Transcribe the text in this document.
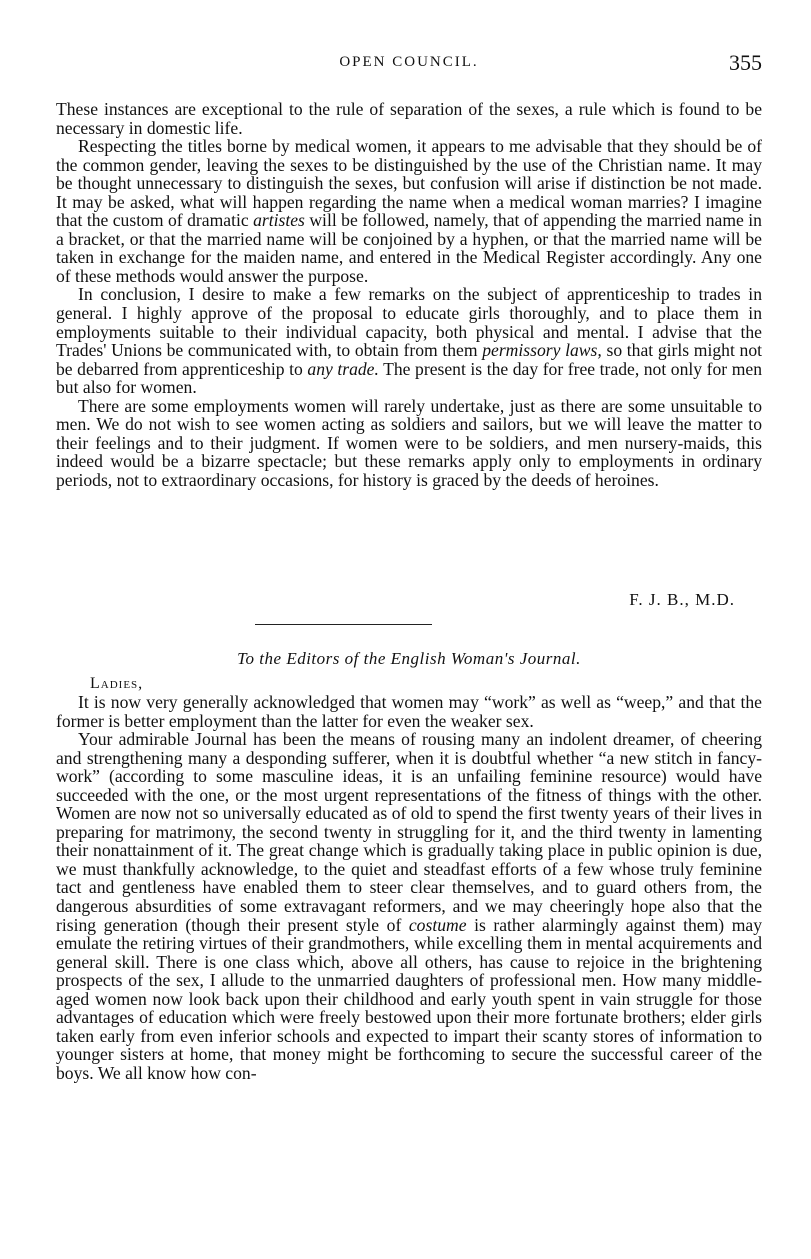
OPEN COUNCIL.	355

These instances are exceptional to the rule of separation of the sexes, a rule which is found to be necessary in domestic life.

Respecting the titles borne by medical women, it appears to me advisable that they should be of the common gender, leaving the sexes to be distinguished by the use of the Christian name. It may be thought unnecessary to distinguish the sexes, but confusion will arise if distinction be not made. It may be asked, what will happen regarding the name when a medical woman marries? I imagine that the custom of dramatic artistes will be followed, namely, that of appending the married name in a bracket, or that the married name will be conjoined by a hyphen, or that the married name will be taken in exchange for the maiden name, and entered in the Medical Register accordingly. Any one of these methods would answer the purpose.

In conclusion, I desire to make a few remarks on the subject of apprenticeship to trades in general. I highly approve of the proposal to educate girls thoroughly, and to place them in employments suitable to their individual capacity, both physical and mental. I advise that the Trades' Unions be communicated with, to obtain from them permissory laws, so that girls might not be debarred from apprenticeship to any trade. The present is the day for free trade, not only for men but also for women.

There are some employments women will rarely undertake, just as there are some unsuitable to men. We do not wish to see women acting as soldiers and sailors, but we will leave the matter to their feelings and to their judgment. If women were to be soldiers, and men nursery-maids, this indeed would be a bizarre spectacle; but these remarks apply only to employments in ordinary periods, not to extraordinary occasions, for history is graced by the deeds of heroines.

F. J. B., M.D.
To the Editors of the English Woman's Journal.
Ladies,

It is now very generally acknowledged that women may “work” as well as “weep,” and that the former is better employment than the latter for even the weaker sex.

Your admirable Journal has been the means of rousing many an indolent dreamer, of cheering and strengthening many a desponding sufferer, when it is doubtful whether “a new stitch in fancy-work” (according to some masculine ideas, it is an unfailing feminine resource) would have succeeded with the one, or the most urgent representations of the fitness of things with the other. Women are now not so universally educated as of old to spend the first twenty years of their lives in preparing for matrimony, the second twenty in struggling for it, and the third twenty in lamenting their nonattainment of it. The great change which is gradually taking place in public opinion is due, we must thankfully acknowledge, to the quiet and steadfast efforts of a few whose truly feminine tact and gentleness have enabled them to steer clear themselves, and to guard others from, the dangerous absurdities of some extravagant reformers, and we may cheeringly hope also that the rising generation (though their present style of costume is rather alarmingly against them) may emulate the retiring virtues of their grandmothers, while excelling them in mental acquirements and general skill. There is one class which, above all others, has cause to rejoice in the brightening prospects of the sex, I allude to the unmarried daughters of professional men. How many middle-aged women now look back upon their childhood and early youth spent in vain struggle for those advantages of education which were freely bestowed upon their more fortunate brothers; elder girls taken early from even inferior schools and expected to impart their scanty stores of information to younger sisters at home, that money might be forthcoming to secure the successful career of the boys. We all know how con-
